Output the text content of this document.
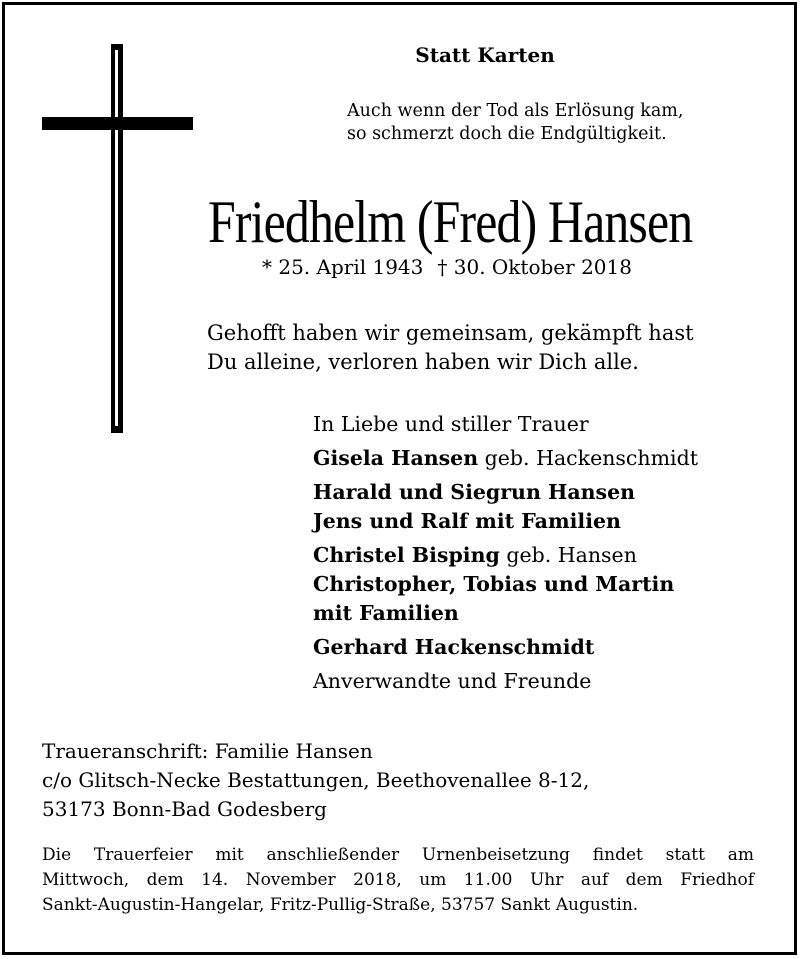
Statt Karten
Auch wenn der Tod als Erlösung kam,
so schmerzt doch die Endgültigkeit.
Friedhelm (Fred) Hansen
* 25. April 1943 † 30. Oktober 2018
Gehofft haben wir gemeinsam, gekämpft hast
Du alleine, verloren haben wir Dich alle.
In Liebe und stiller Trauer
Gisela Hansen geb. Hackenschmidt
Harald und Siegrun Hansen
Jens und Ralf mit Familien
Christel Bisping geb. Hansen
Christopher, Tobias und Martin
mit Familien
Gerhard Hackenschmidt
Anverwandte und Freunde
Traueranschrift: Familie Hansen
c/o Glitsch-Necke Bestattungen, Beethovenallee 8-12,
53173 Bonn-Bad Godesberg
Die Trauerfeier mit anschließender Urnenbeisetzung findet statt am
Mittwoch, dem 14. November 2018, um 11.00 Uhr auf dem Friedhof
Sankt-Augustin-Hangelar, Fritz-Pullig-Straße, 53757 Sankt Augustin.
